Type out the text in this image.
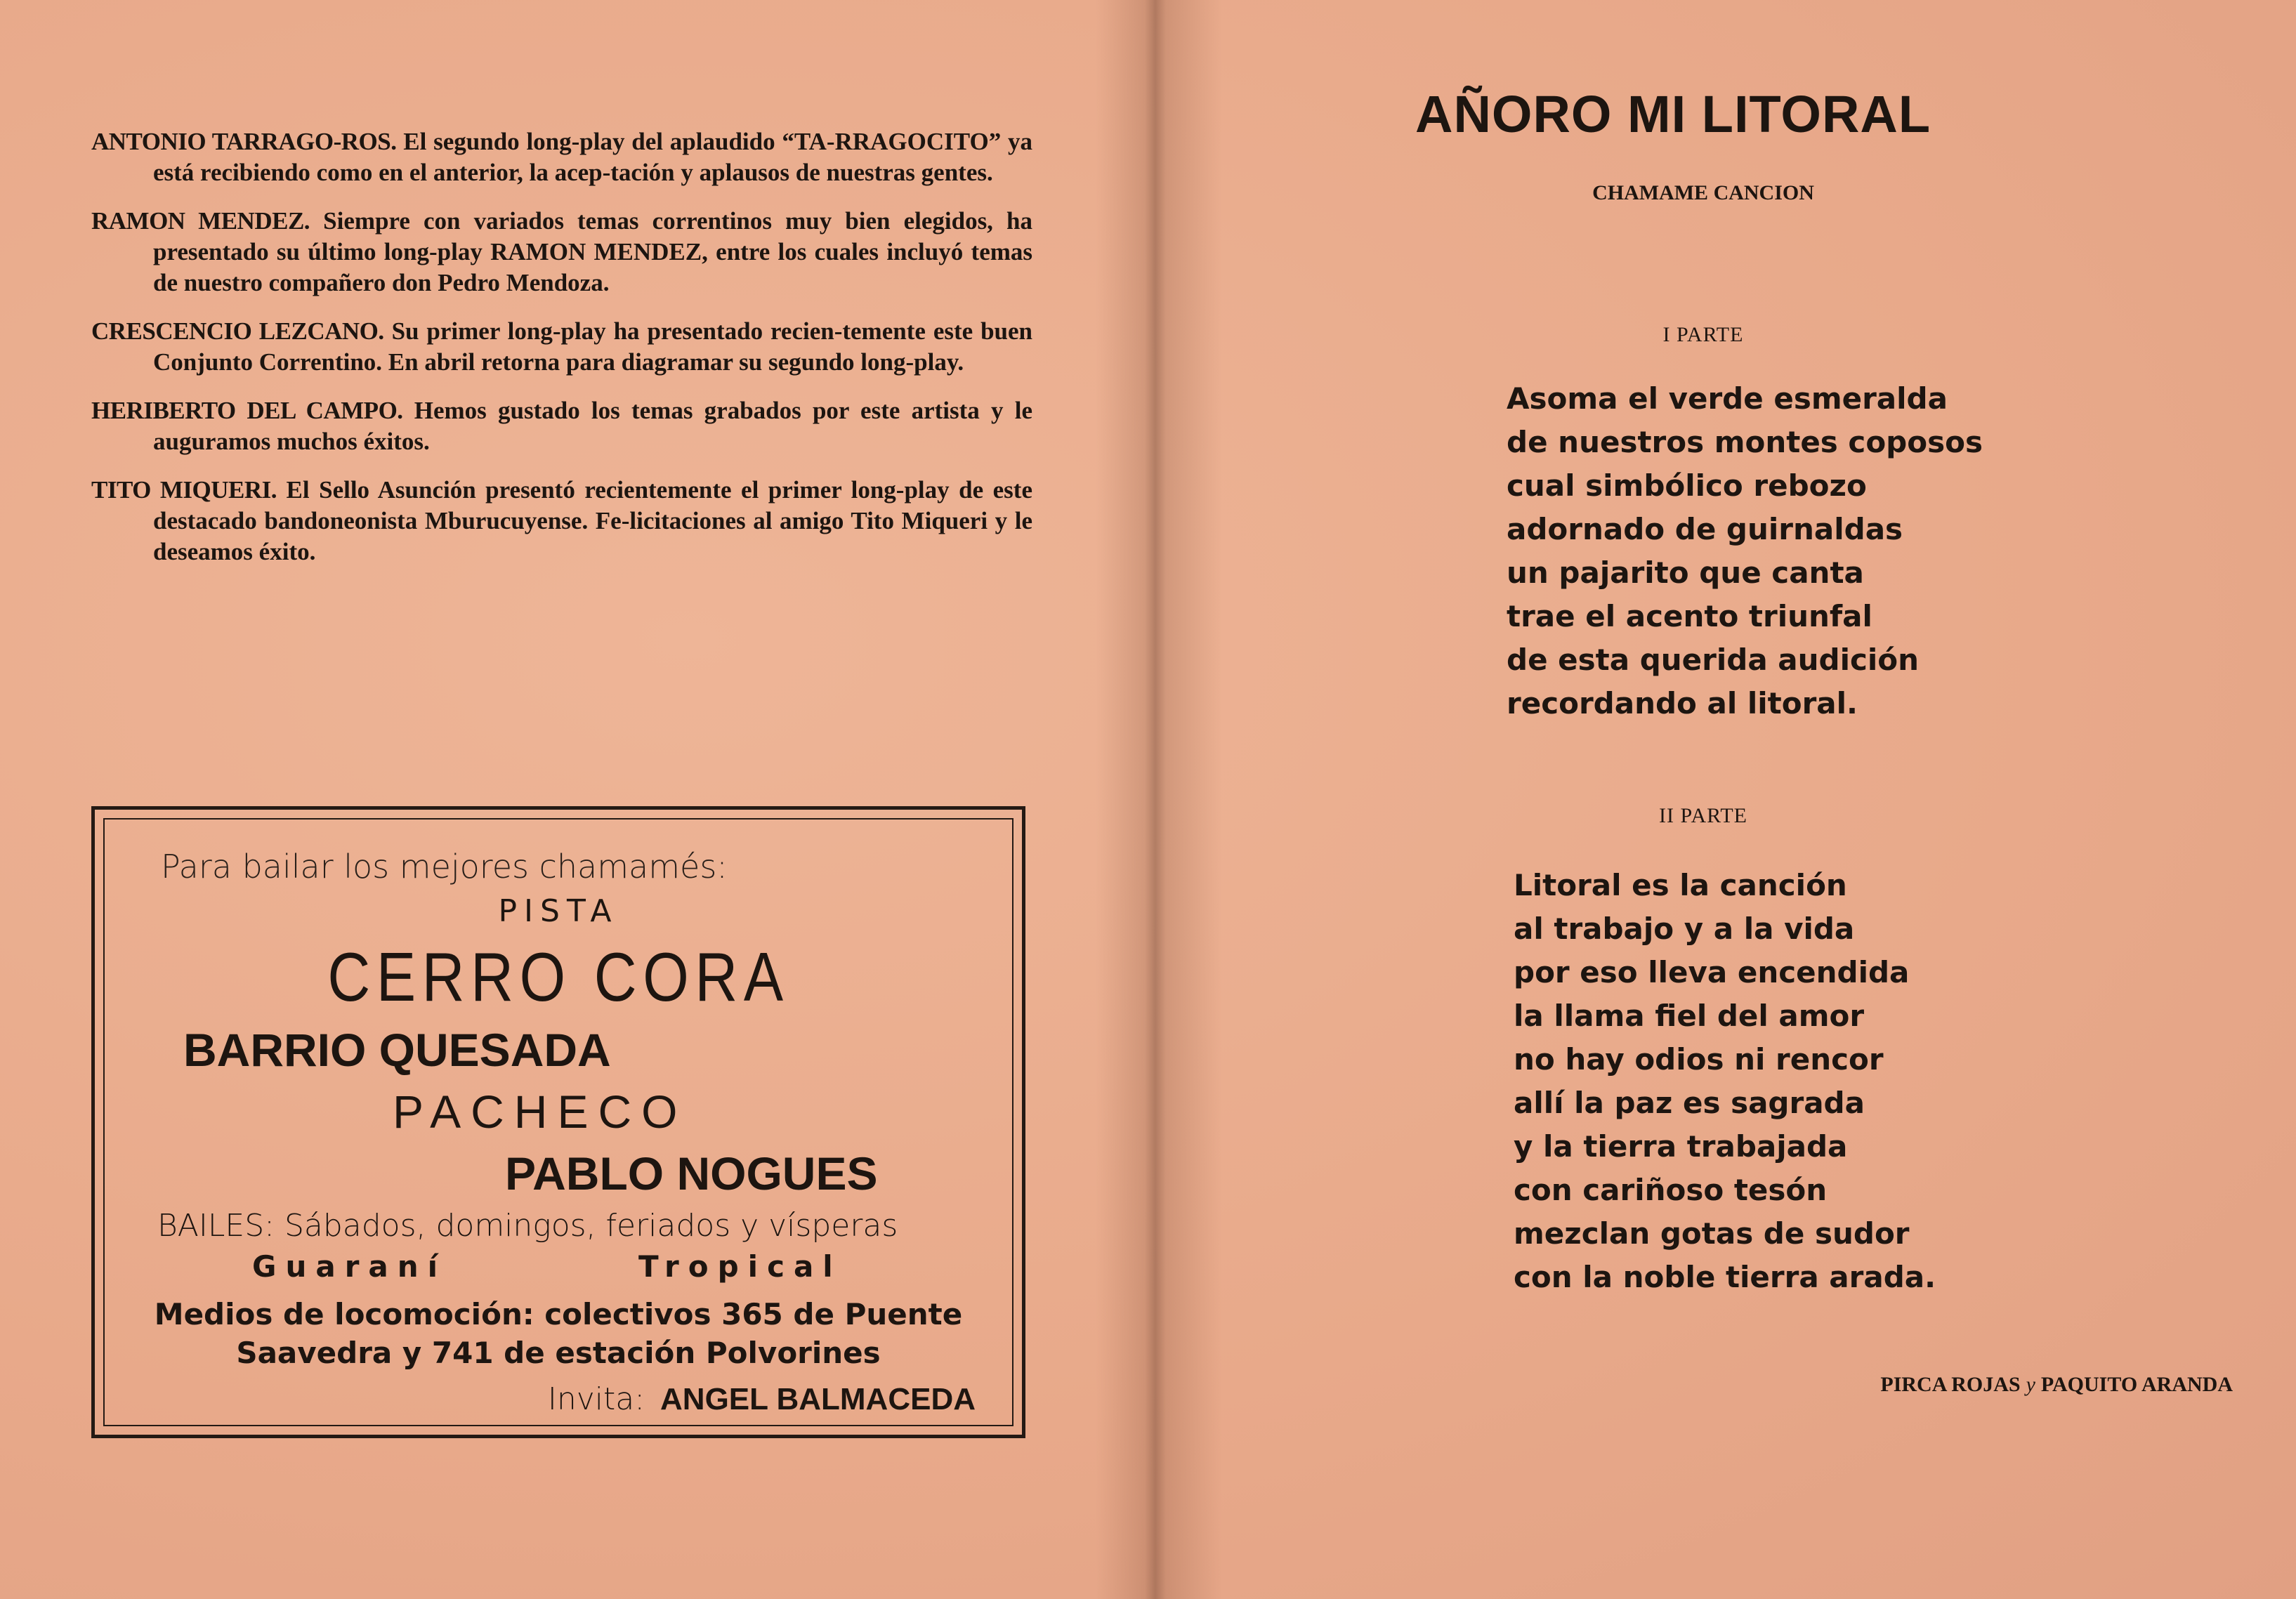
ANTONIO TARRAGO-ROS. El segundo long-play del aplaudido “TA-RRAGOCITO” ya está recibiendo como en el anterior, la acep-tación y aplausos de nuestras gentes.

RAMON MENDEZ. Siempre con variados temas correntinos muy bien elegidos, ha presentado su último long-play RAMON MENDEZ, entre los cuales incluyó temas de nuestro compañero don Pedro Mendoza.

CRESCENCIO LEZCANO. Su primer long-play ha presentado recien-temente este buen Conjunto Correntino. En abril retorna para diagramar su segundo long-play.

HERIBERTO DEL CAMPO. Hemos gustado los temas grabados por este artista y le auguramos muchos éxitos.

TITO MIQUERI. El Sello Asunción presentó recientemente el primer long-play de este destacado bandoneonista Mburucuyense. Fe-licitaciones al amigo Tito Miqueri y le deseamos éxito.

Para bailar los mejores chamamés:
PISTA
CERRO CORA
BARRIO QUESADA
PACHECO
PABLO NOGUES
BAILES: Sábados, domingos, feriados y vísperas
Guaraní	Tropical
Medios de locomoción: colectivos 365 de Puente
Saavedra y 741 de estación Polvorines
Invita: ANGEL BALMACEDA
AÑORO MI LITORAL
CHAMAME CANCION
I PARTE
Asoma el verde esmeralda
de nuestros montes coposos
cual simbólico rebozo
adornado de guirnaldas
un pajarito que canta
trae el acento triunfal
de esta querida audición
recordando al litoral.
II PARTE
Litoral es la canción
al trabajo y a la vida
por eso lleva encendida
la llama fiel del amor
no hay odios ni rencor
allí la paz es sagrada
y la tierra trabajada
con cariñoso tesón
mezclan gotas de sudor
con la noble tierra arada.
PIRCA ROJAS y PAQUITO ARANDA
